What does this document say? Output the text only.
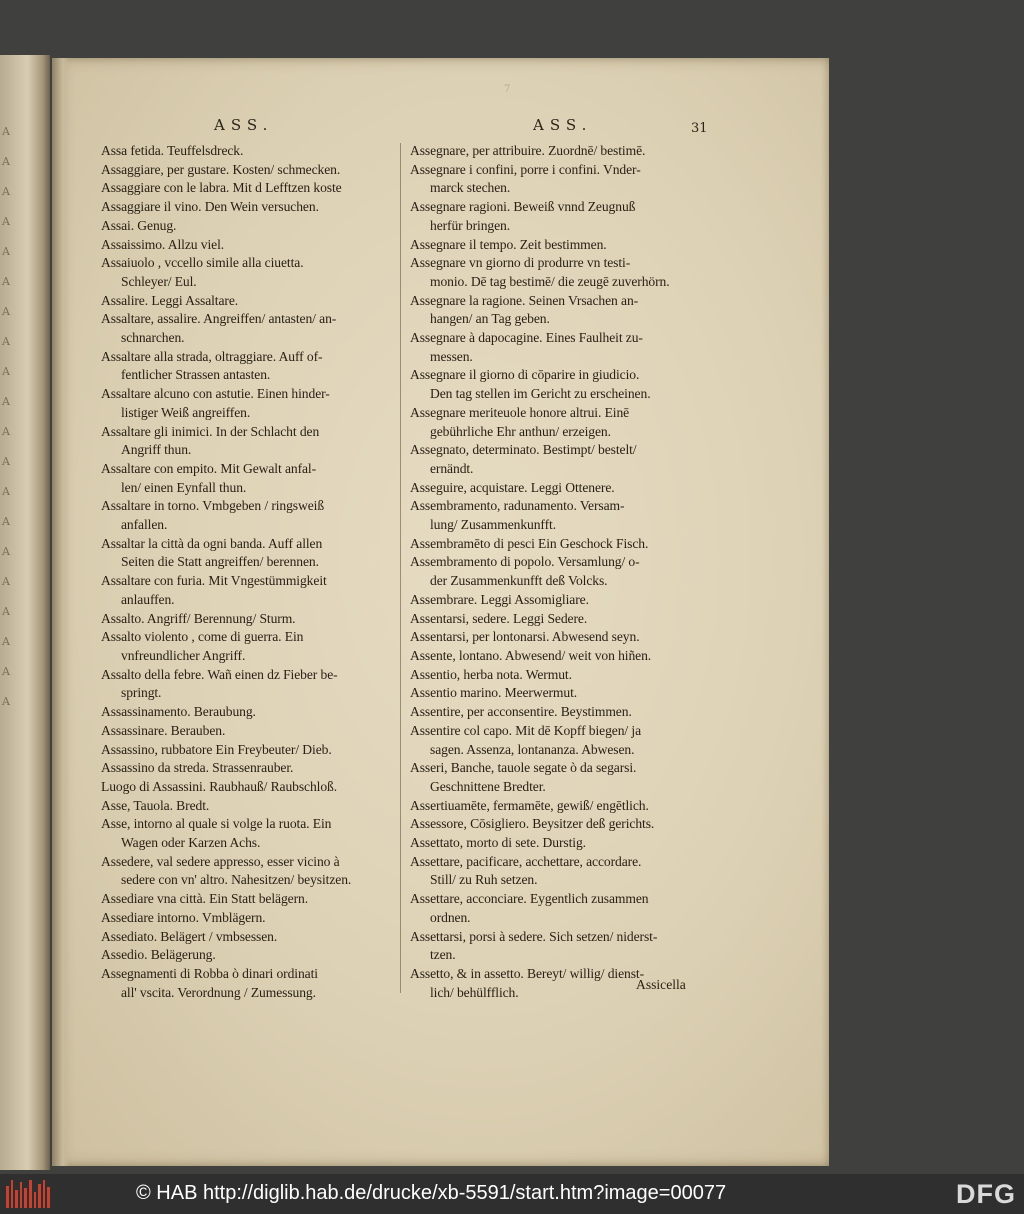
A
A
A
A
A
A
A
A
A
A
A
A
A
A
A
A
A
A
A
A
7
ASS.	ASS.	31

Assa fetida. Teuffelsdreck.

Assaggiare, per gustare. Kosten/ schmecken.

Assaggiare con le labra. Mit d Lefftzen koste

Assaggiare il vino. Den Wein versuchen.

Assai. Genug.

Assaissimo. Allzu viel.

Assaiuolo , vccello simile alla ciuetta.

Schleyer/ Eul.

Assalire. Leggi Assaltare.

Assaltare, assalire. Angreiffen/ antasten/ an-

schnarchen.

Assaltare alla strada, oltraggiare. Auff of-

fentlicher Strassen antasten.

Assaltare alcuno con astutie. Einen hinder-

listiger Weiß angreiffen.

Assaltare gli inimici. In der Schlacht den

Angriff thun.

Assaltare con empito. Mit Gewalt anfal-

len/ einen Eynfall thun.

Assaltare in torno. Vmbgeben / ringsweiß

anfallen.

Assaltar la città da ogni banda. Auff allen

Seiten die Statt angreiffen/ berennen.

Assaltare con furia. Mit Vngestümmigkeit

anlauffen.

Assalto. Angriff/ Berennung/ Sturm.

Assalto violento , come di guerra. Ein

vnfreundlicher Angriff.

Assalto della febre. Wañ einen dz Fieber be-

springt.

Assassinamento. Beraubung.

Assassinare. Berauben.

Assassino, rubbatore Ein Freybeuter/ Dieb.

Assassino da streda. Strassenrauber.

Luogo di Assassini. Raubhauß/ Raubschloß.

Asse, Tauola. Bredt.

Asse, intorno al quale si volge la ruota. Ein

Wagen oder Karzen Achs.

Assedere, val sedere appresso, esser vicino à

sedere con vn' altro. Nahesitzen/ beysitzen.

Assediare vna città. Ein Statt belägern.

Assediare intorno. Vmblägern.

Assediato. Belägert / vmbsessen.

Assedio. Belägerung.

Assegnamenti di Robba ò dinari ordinati

all' vscita. Verordnung / Zumessung.

Assegnare, per attribuire. Zuordnē/ bestimē.

Assegnare i confini, porre i confini. Vnder-

marck stechen.

Assegnare ragioni. Beweiß vnnd Zeugnuß

herfür bringen.

Assegnare il tempo. Zeit bestimmen.

Assegnare vn giorno di produrre vn testi-

monio. Dē tag bestimē/ die zeugē zuverhörn.

Assegnare la ragione. Seinen Vrsachen an-

hangen/ an Tag geben.

Assegnare à dapocagine. Eines Faulheit zu-

messen.

Assegnare il giorno di cōparire in giudicio.

Den tag stellen im Gericht zu erscheinen.

Assegnare meriteuole honore altrui. Einē

gebührliche Ehr anthun/ erzeigen.

Assegnato, determinato. Bestimpt/ bestelt/

ernändt.

Asseguire, acquistare. Leggi Ottenere.

Assembramento, radunamento. Versam-

lung/ Zusammenkunfft.

Assembramēto di pesci Ein Geschock Fisch.

Assembramento di popolo. Versamlung/ o-

der Zusammenkunfft deß Volcks.

Assembrare. Leggi Assomigliare.

Assentarsi, sedere. Leggi Sedere.

Assentarsi, per lontonarsi. Abwesend seyn.

Assente, lontano. Abwesend/ weit von hiñen.

Assentio, herba nota. Wermut.

Assentio marino. Meerwermut.

Assentire, per acconsentire. Beystimmen.

Assentire col capo. Mit dē Kopff biegen/ ja

sagen. Assenza, lontananza. Abwesen.

Asseri, Banche, tauole segate ò da segarsi.

Geschnittene Bredter.

Assertiuamēte, fermamēte, gewiß/ engētlich.

Assessore, Cōsigliero. Beysitzer deß gerichts.

Assettato, morto di sete. Durstig.

Assettare, pacificare, acchettare, accordare.

Still/ zu Ruh setzen.

Assettare, acconciare. Eygentlich zusammen

ordnen.

Assettarsi, porsi à sedere. Sich setzen/ niderst-

tzen.

Assetto, & in assetto. Bereyt/ willig/ dienst-

lich/ behülfflich.

Assicella
© HAB http://diglib.hab.de/drucke/xb-5591/start.htm?image=00077	DFG
